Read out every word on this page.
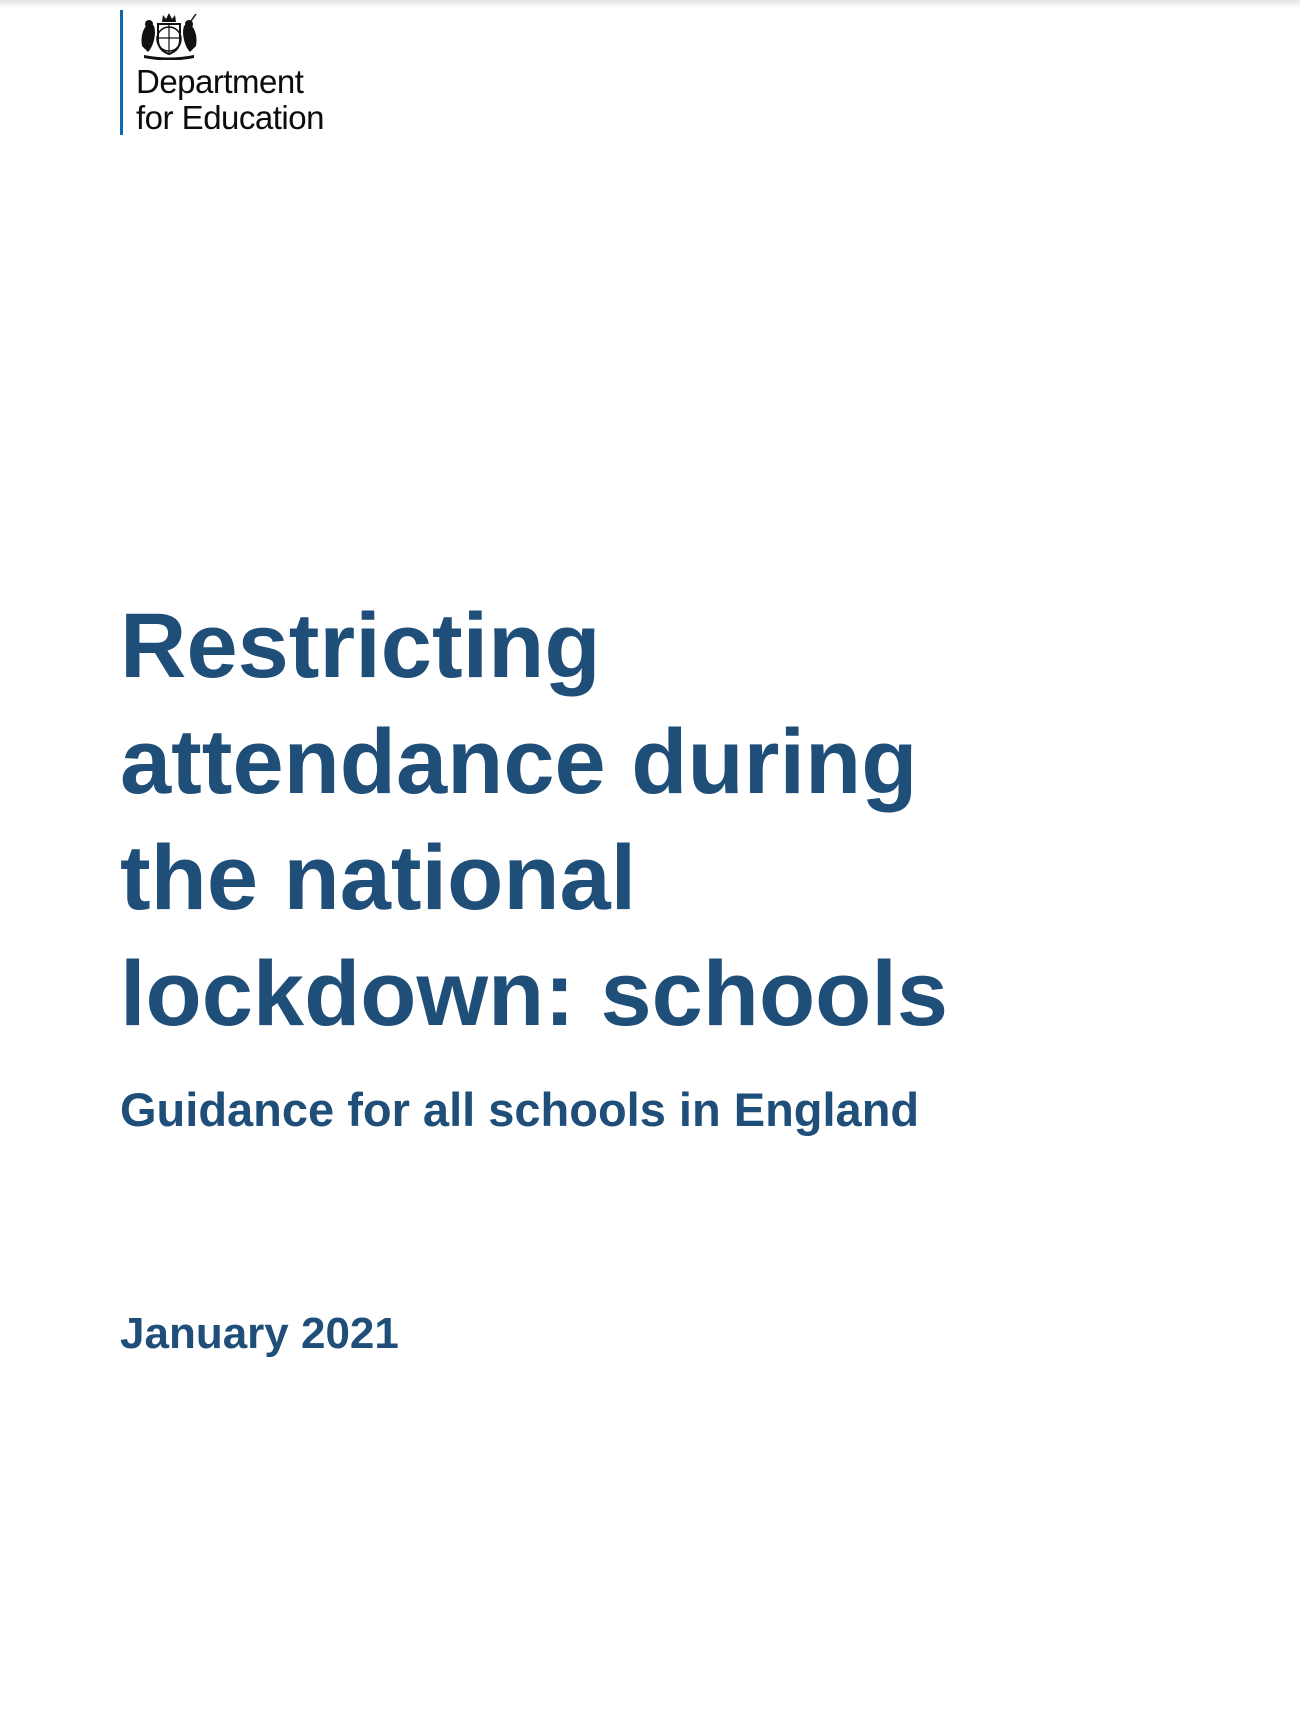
Department
for Education
Restricting
attendance during
the national
lockdown: schools
Guidance for all schools in England
January 2021
